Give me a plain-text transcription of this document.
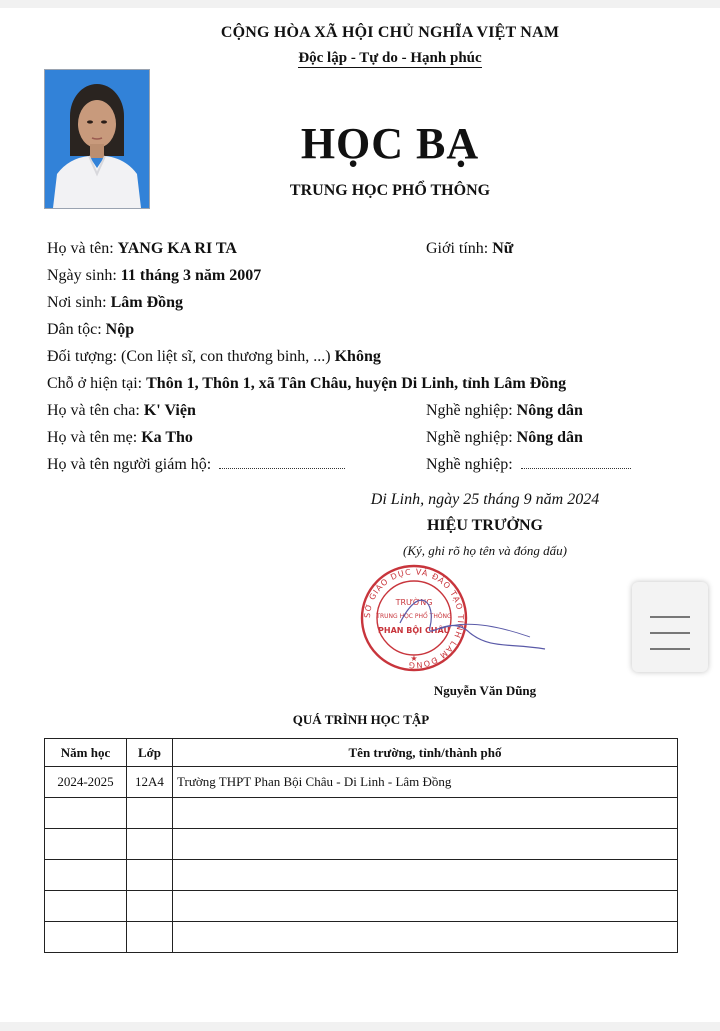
CỘNG HÒA XÃ HỘI CHỦ NGHĨA VIỆT NAM
Độc lập - Tự do - Hạnh phúc
HỌC BẠ
TRUNG HỌC PHỔ THÔNG
Họ và tên: YANG KA RI TA	Giới tính: Nữ
Ngày sinh: 11 tháng 3 năm 2007
Nơi sinh: Lâm Đồng
Dân tộc: Nộp
Đối tượng: (Con liệt sĩ, con thương binh, ...) Không
Chỗ ở hiện tại: Thôn 1, Thôn 1, xã Tân Châu, huyện Di Linh, tỉnh Lâm Đồng
Họ và tên cha: K' Viện	Nghề nghiệp: Nông dân
Họ và tên mẹ: Ka Tho	Nghề nghiệp: Nông dân
Họ và tên người giám hộ:	Nghề nghiệp:
Di Linh, ngày 25 tháng 9 năm 2024
HIỆU TRƯỞNG
(Ký, ghi rõ họ tên và đóng dấu)
SỞ GIÁO DỤC VÀ ĐÀO TẠO TỈNH LÂM ĐỒNG
TRƯỜNG
TRUNG HỌC PHỔ THÔNG
PHAN BỘI CHÂU
★
Nguyễn Văn Dũng
QUÁ TRÌNH HỌC TẬP
Năm học	Lớp	Tên trường, tỉnh/thành phố
2024-2025	12A4	Trường THPT Phan Bội Châu - Di Linh - Lâm Đồng
